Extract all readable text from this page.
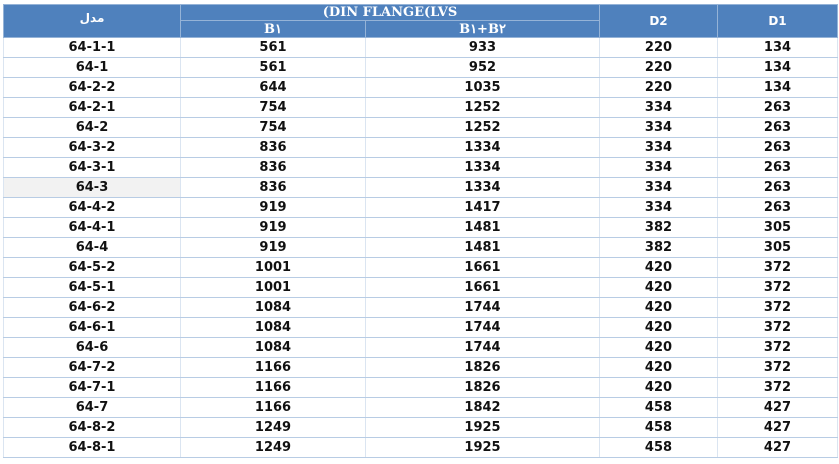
مدل	(DIN FLANGE(LVS		D2	D1
	B١	B١+B٢		
64-1-1	561	933	220	134
64-1	561	952	220	134
64-2-2	644	1035	220	134
64-2-1	754	1252	334	263
64-2	754	1252	334	263
64-3-2	836	1334	334	263
64-3-1	836	1334	334	263
64-3	836	1334	334	263
64-4-2	919	1417	334	263
64-4-1	919	1481	382	305
64-4	919	1481	382	305
64-5-2	1001	1661	420	372
64-5-1	1001	1661	420	372
64-6-2	1084	1744	420	372
64-6-1	1084	1744	420	372
64-6	1084	1744	420	372
64-7-2	1166	1826	420	372
64-7-1	1166	1826	420	372
64-7	1166	1842	458	427
64-8-2	1249	1925	458	427
64-8-1	1249	1925	458	427
